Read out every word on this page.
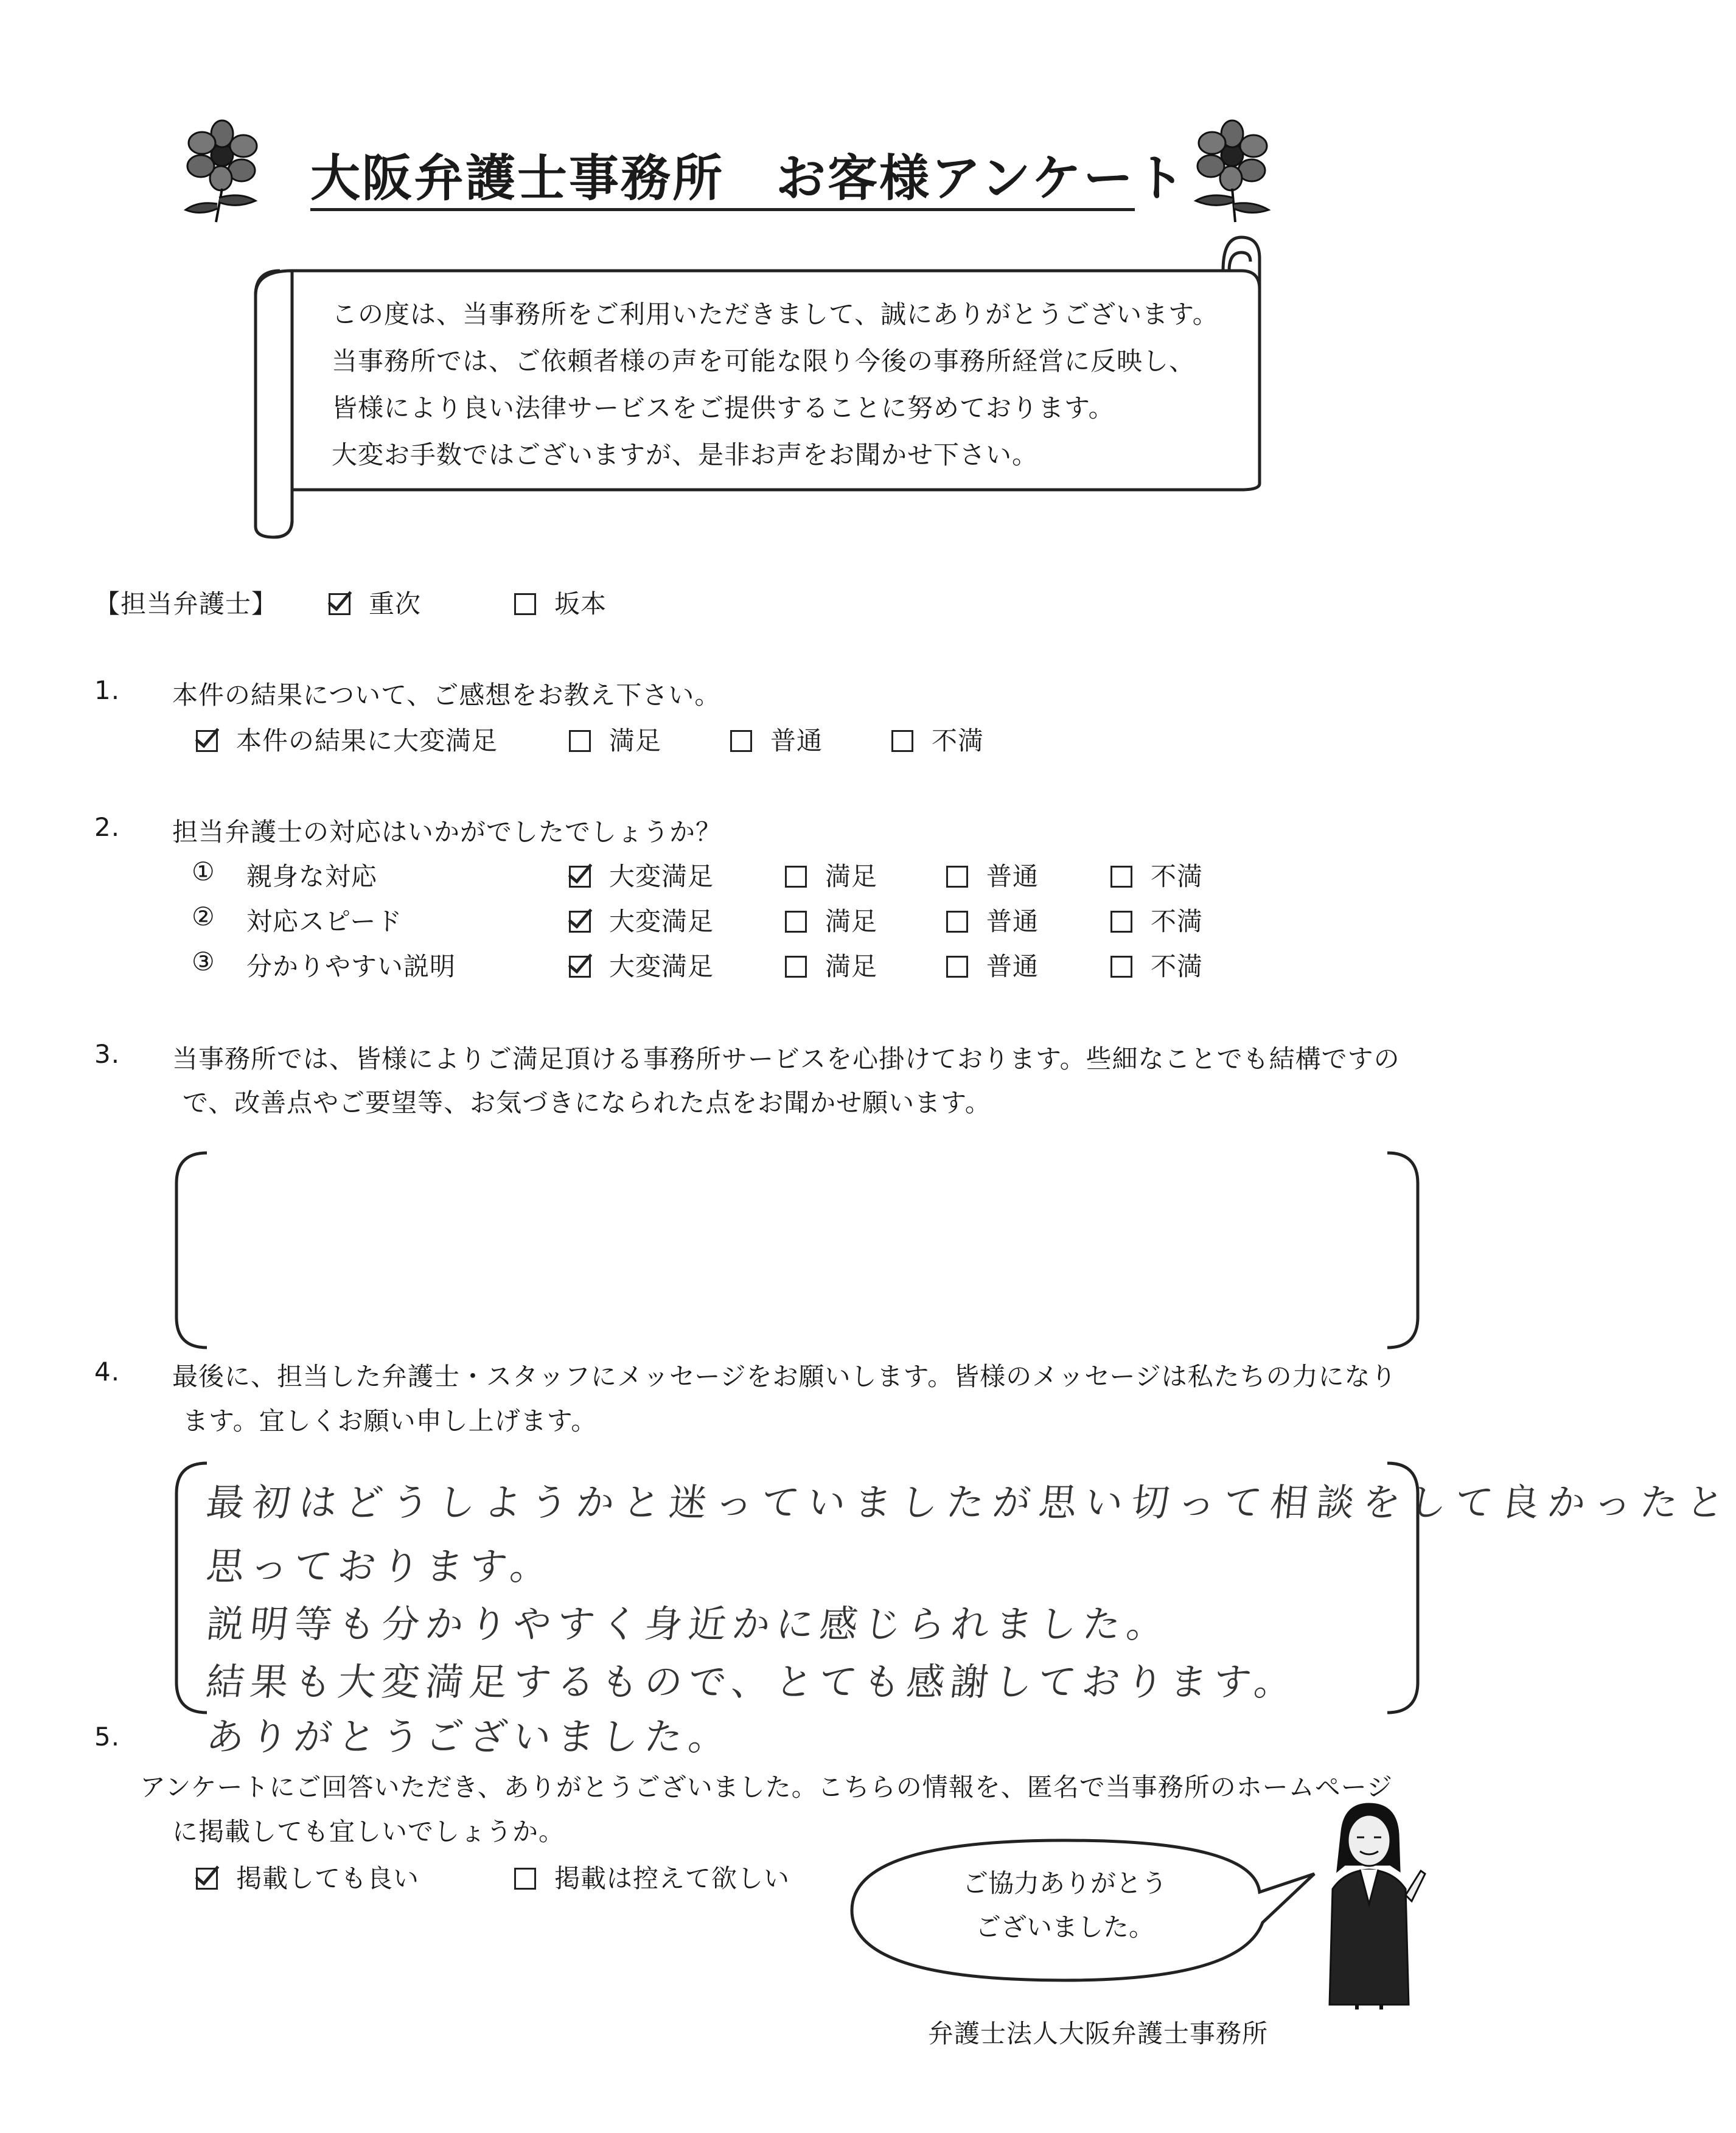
大阪弁護士事務所　お客様アンケート
この度は、当事務所をご利用いただきまして、誠にありがとうございます。
当事務所では、ご依頼者様の声を可能な限り今後の事務所経営に反映し、
皆様により良い法律サービスをご提供することに努めております。
大変お手数ではございますが、是非お声をお聞かせ下さい。
【担当弁護士】	重次	坂本
1. 本件の結果について、ご感想をお教え下さい。
本件の結果に大変満足	満足	普通	不満
2. 担当弁護士の対応はいかがでしたでしょうか？
① 親身な対応	大変満足	満足	普通	不満
② 対応スピード	大変満足	満足	普通	不満
③ 分かりやすい説明	大変満足	満足	普通	不満
3. 当事務所では、皆様によりご満足頂ける事務所サービスを心掛けております。些細なことでも結構ですの
で、改善点やご要望等、お気づきになられた点をお聞かせ願います。
4. 最後に、担当した弁護士・スタッフにメッセージをお願いします。皆様のメッセージは私たちの力になり
ます。宜しくお願い申し上げます。
最初はどうしようかと迷っていましたが思い切って相談をして良かったと
思っております。
説明等も分かりやすく身近かに感じられました。
結果も大変満足するもので、とても感謝しております。
ありがとうございました。
5.
アンケートにご回答いただき、ありがとうございました。こちらの情報を、匿名で当事務所のホームページ
に掲載しても宜しいでしょうか。
掲載しても良い	掲載は控えて欲しい	ご協力ありがとう
ございました。
弁護士法人大阪弁護士事務所
